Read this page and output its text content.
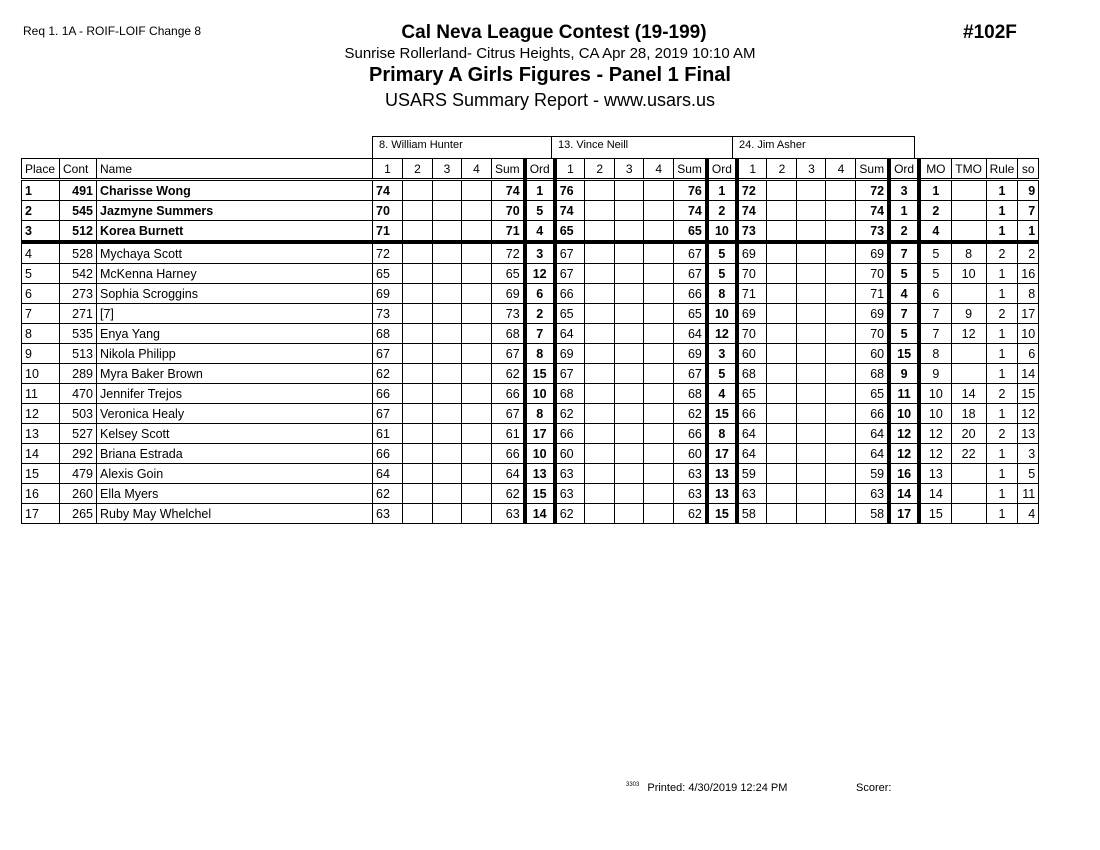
Req 1. 1A - ROIF-LOIF Change 8	#102F
Cal Neva League Contest (19-199)
Sunrise Rollerland- Citrus Heights, CA Apr 28, 2019 10:10 AM
Primary A Girls Figures - Panel 1 Final
USARS Summary Report - www.usars.us
8. William Hunter	13. Vince Neill	24. Jim Asher
Place	Cont	Name	1	2	3	4	Sum	Ord	1	2	3	4	Sum	Ord	1	2	3	4	Sum	Ord	MO	TMO	Rule	so
1	491	Charisse Wong	74				74	1	76				76	1	72				72	3	1		1	9
2	545	Jazmyne Summers	70				70	5	74				74	2	74				74	1	2		1	7
3	512	Korea Burnett	71				71	4	65				65	10	73				73	2	4		1	1
4	528	Mychaya Scott	72				72	3	67				67	5	69				69	7	5	8	2	2
5	542	McKenna Harney	65				65	12	67				67	5	70				70	5	5	10	1	16
6	273	Sophia Scroggins	69				69	6	66				66	8	71				71	4	6		1	8
7	271	[7]	73				73	2	65				65	10	69				69	7	7	9	2	17
8	535	Enya Yang	68				68	7	64				64	12	70				70	5	7	12	1	10
9	513	Nikola Philipp	67				67	8	69				69	3	60				60	15	8		1	6
10	289	Myra Baker Brown	62				62	15	67				67	5	68				68	9	9		1	14
11	470	Jennifer Trejos	66				66	10	68				68	4	65				65	11	10	14	2	15
12	503	Veronica Healy	67				67	8	62				62	15	66				66	10	10	18	1	12
13	527	Kelsey Scott	61				61	17	66				66	8	64				64	12	12	20	2	13
14	292	Briana Estrada	66				66	10	60				60	17	64				64	12	12	22	1	3
15	479	Alexis Goin	64				64	13	63				63	13	59				59	16	13		1	5
16	260	Ella Myers	62				62	15	63				63	13	63				63	14	14		1	11
17	265	Ruby May Whelchel	63				63	14	62				62	15	58				58	17	15		1	4
$^{3303}$ Printed: 4/30/2019 12:24 PM	Scorer:
